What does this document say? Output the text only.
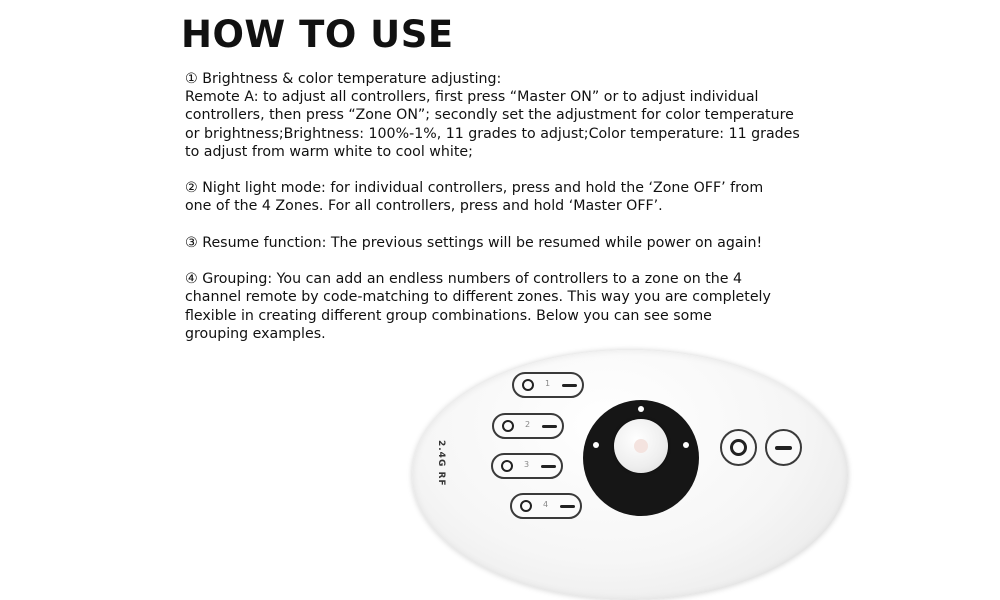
HOW TO USE

① Brightness & color temperature adjusting:
Remote A: to adjust all controllers, first press “Master ON” or to adjust individual
controllers, then press “Zone ON”; secondly set the adjustment for color temperature
or brightness;Brightness: 100%-1%, 11 grades to adjust;Color temperature: 11 grades
to adjust from warm white to cool white;

② Night light mode: for individual controllers, press and hold the ‘Zone OFF’ from
one of the 4 Zones. For all controllers, press and hold ‘Master OFF’.

③ Resume function: The previous settings will be resumed while power on again!

④ Grouping: You can add an endless numbers of controllers to a zone on the 4
channel remote by code-matching to different zones. This way you are completely
flexible in creating different group combinations. Below you can see some
grouping examples.

2.4G RF
1
2
3
4
